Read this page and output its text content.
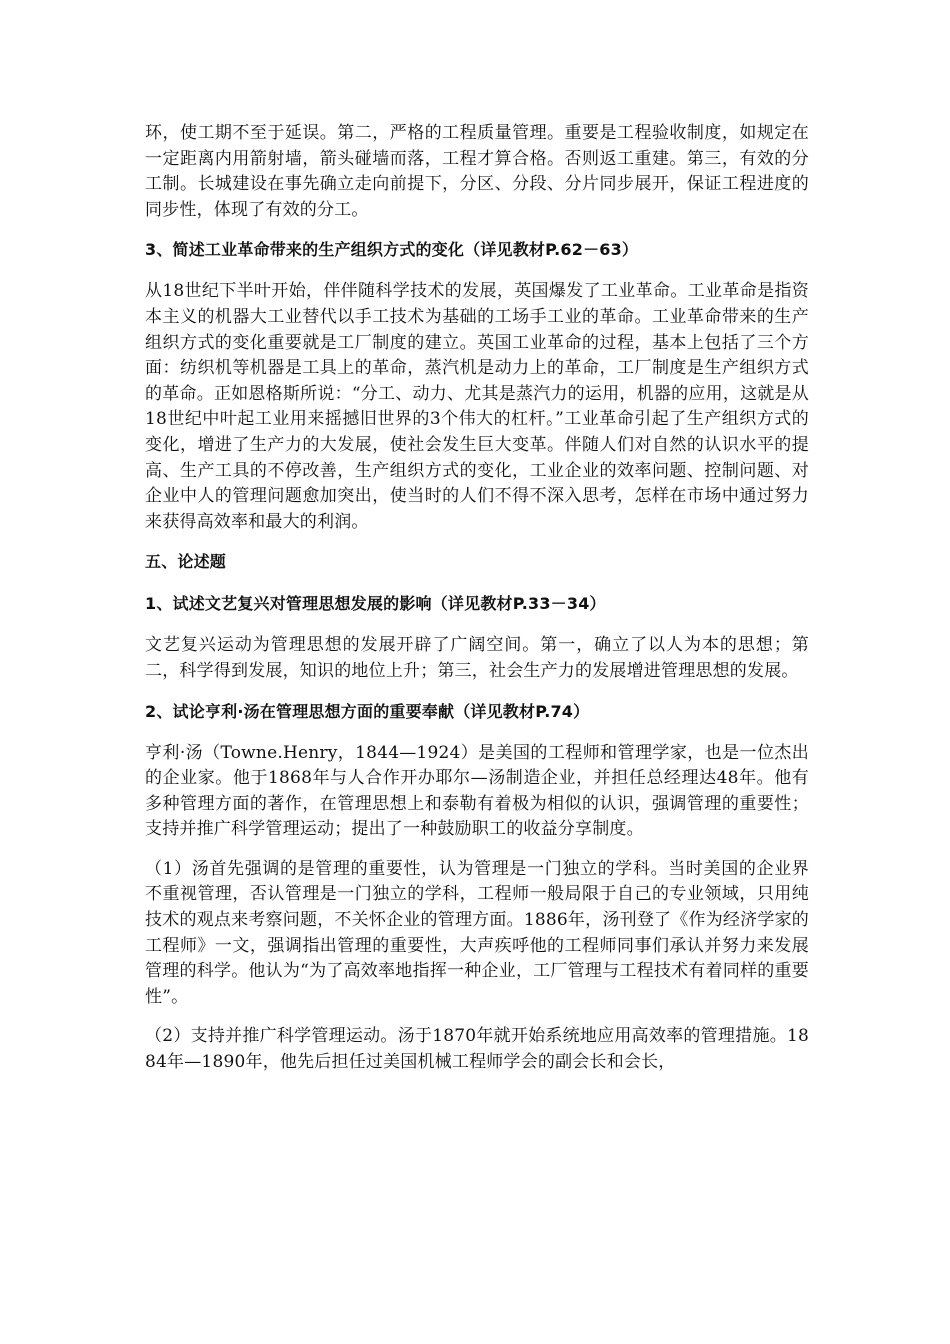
环，使工期不至于延误。第二，严格的工程质量管理。重要是工程验收制度，如规定在一定距离内用箭射墙，箭头碰墙而落，工程才算合格。否则返工重建。第三，有效的分工制。长城建设在事先确立走向前提下，分区、分段、分片同步展开，保证工程进度的同步性，体现了有效的分工。

3、简述工业革命带来的生产组织方式的变化（详见教材P.62－63）

从18世纪下半叶开始，伴伴随科学技术的发展，英国爆发了工业革命。工业革命是指资本主义的机器大工业替代以手工技术为基础的工场手工业的革命。工业革命带来的生产组织方式的变化重要就是工厂制度的建立。英国工业革命的过程，基本上包括了三个方面：纺织机等机器是工具上的革命，蒸汽机是动力上的革命，工厂制度是生产组织方式的革命。正如恩格斯所说：“分工、动力、尤其是蒸汽力的运用，机器的应用，这就是从18世纪中叶起工业用来摇撼旧世界的3个伟大的杠杆。”工业革命引起了生产组织方式的变化，增进了生产力的大发展，使社会发生巨大变革。伴随人们对自然的认识水平的提高、生产工具的不停改善，生产组织方式的变化，工业企业的效率问题、控制问题、对企业中人的管理问题愈加突出，使当时的人们不得不深入思考，怎样在市场中通过努力来获得高效率和最大的利润。

五、论述题
1、试述文艺复兴对管理思想发展的影响（详见教材P.33－34）

文艺复兴运动为管理思想的发展开辟了广阔空间。第一，确立了以人为本的思想；第二，科学得到发展，知识的地位上升；第三，社会生产力的发展增进管理思想的发展。

2、试论亨利·汤在管理思想方面的重要奉献（详见教材P.74）

亨利·汤（Towne.Henry，1844—1924）是美国的工程师和管理学家，也是一位杰出的企业家。他于1868年与人合作开办耶尔—汤制造企业，并担任总经理达48年。他有多种管理方面的著作，在管理思想上和泰勒有着极为相似的认识，强调管理的重要性；支持并推广科学管理运动；提出了一种鼓励职工的收益分享制度。

（1）汤首先强调的是管理的重要性，认为管理是一门独立的学科。当时美国的企业界不重视管理，否认管理是一门独立的学科，工程师一般局限于自己的专业领域，只用纯技术的观点来考察问题，不关怀企业的管理方面。1886年，汤刊登了《作为经济学家的工程师》一文，强调指出管理的重要性，大声疾呼他的工程师同事们承认并努力来发展管理的科学。他认为“为了高效率地指挥一种企业，工厂管理与工程技术有着同样的重要性”。

（2）支持并推广科学管理运动。汤于1870年就开始系统地应用高效率的管理措施。1884年—1890年，他先后担任过美国机械工程师学会的副会长和会长，
